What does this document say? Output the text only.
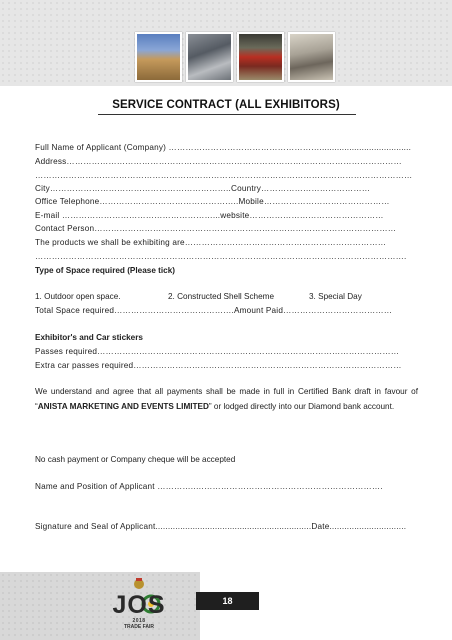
SERVICE CONTRACT (ALL EXHIBITORS)
Full Name of Applicant (Company) ……………………………………………….....................................
Address…………………………………………………………………………………………………………
………………………………………………………………………………………………………………………
City………………………………………………………..Country…………………………………
Office Telephone…………………………………………..Mobile………………………………………
E-mail ………………………………………………...website…………………………………………
Contact Person………………………………………………………………………………………………
The products we shall be exhibiting are………………………………………………………………
…………………………………………………………………………………………………………………….
Type of Space required (Please tick)
1. Outdoor open space.	2. Constructed Shell Scheme	3. Special Day
Total Space required…………………………………….Amount Paid…………………………………
Exhibitor's and Car stickers
Passes required………………………………………………………………………………………………
Extra car passes required……………………………………………………………………………………
We understand and agree that all payments shall be made in full in Certified Bank draft in favour of “ANISTA MARKETING AND EVENTS LIMITED” or lodged directly into our Diamond bank account.
No cash payment or Company cheque will be accepted
Name and Position of Applicant …………..………………………………………………………….
Signature and Seal of Applicant...............................................................Date...............................
JOS
2018
TRADE FAIR
18
